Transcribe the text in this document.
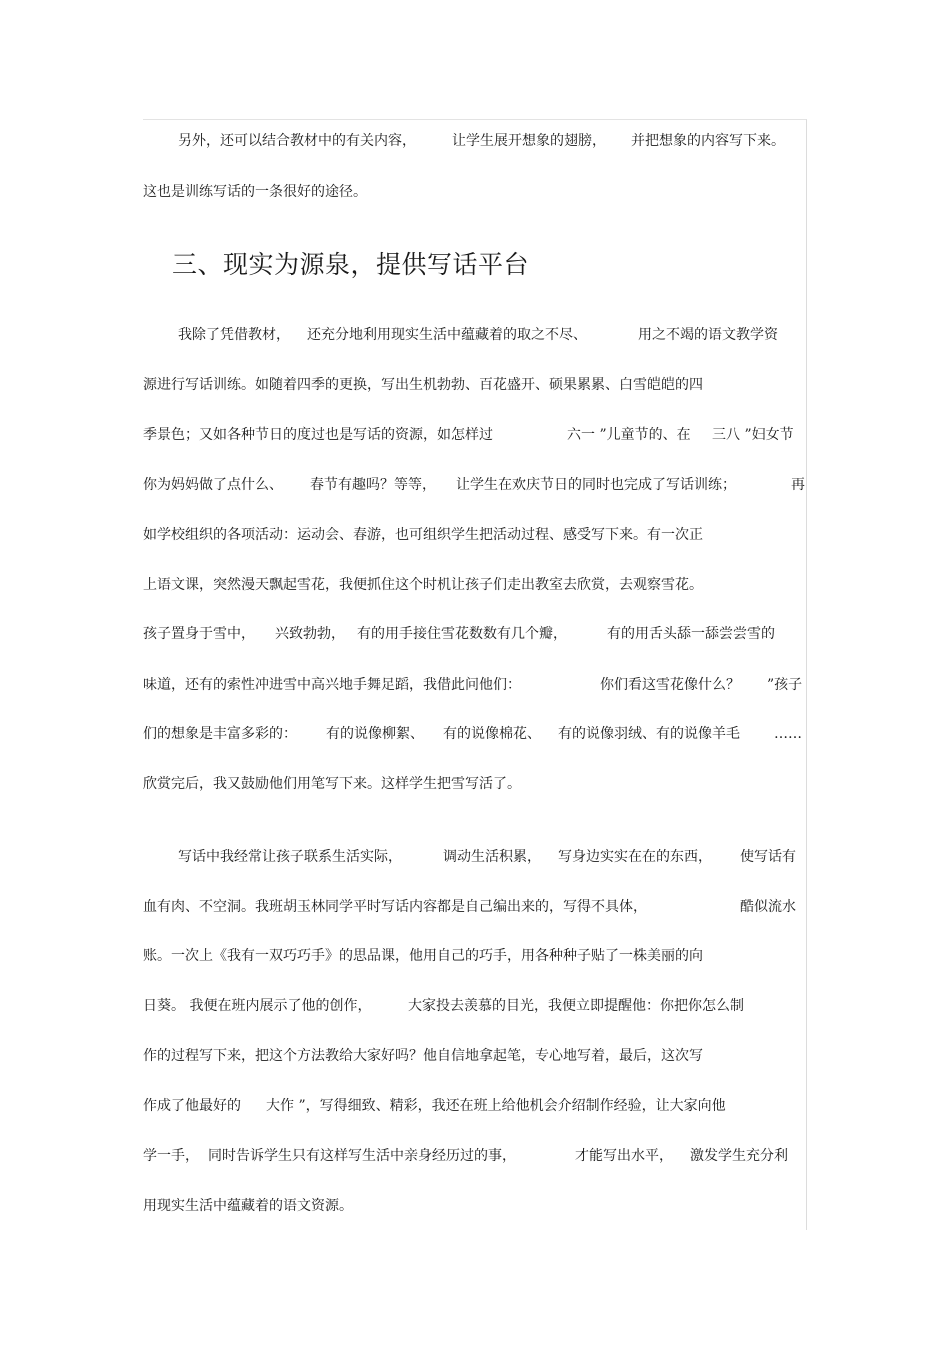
另外，还可以结合教材中的有关内容，	让学生展开想象的翅膀， 并把想象的内容写下来。
这也是训练写话的一条很好的途径。
三、现实为源泉，提供写话平台
我除了凭借教材， 还充分地利用现实生活中蕴藏着的取之不尽、	用之不竭的语文教学资
源进行写话训练。如随着四季的更换，写出生机勃勃、百花盛开、硕果累累、白雪皑皑的四
季景色；又如各种节日的度过也是写话的资源，如怎样过	六一 ”儿童节的、在 三八 ”妇女节
你为妈妈做了点什么、 春节有趣吗？等等， 让学生在欢庆节日的同时也完成了写话训练；	再
如学校组织的各项活动：运动会、春游，也可组织学生把活动过程、感受写下来。有一次正
上语文课，突然漫天飘起雪花，我便抓住这个时机让孩子们走出教室去欣赏，去观察雪花。
孩子置身于雪中， 兴致勃勃， 有的用手接住雪花数数有几个瓣，	有的用舌头舔一舔尝尝雪的
味道，还有的索性冲进雪中高兴地手舞足蹈，我借此问他们：	你们看这雪花像什么？ ”孩子
们的想象是丰富多彩的： 有的说像柳絮、 有的说像棉花、 有的说像羽绒、有的说像羊毛 ……
欣赏完后，我又鼓励他们用笔写下来。这样学生把雪写活了。
写话中我经常让孩子联系生活实际，	调动生活积累， 写身边实实在在的东西， 使写话有
血有肉、不空洞。我班胡玉林同学平时写话内容都是自己编出来的，写得不具体，	酷似流水
账。一次上《我有一双巧巧手》的思品课，他用自己的巧手，用各种种子贴了一株美丽的向
日葵。 我便在班内展示了他的创作，	大家投去羡慕的目光，我便立即提醒他：你把你怎么制
作的过程写下来，把这个方法教给大家好吗？他自信地拿起笔，专心地写着，最后，这次写
作成了他最好的 大作 ”，写得细致、精彩，我还在班上给他机会介绍制作经验，让大家向他
学一手， 同时告诉学生只有这样写生活中亲身经历过的事，	才能写出水平， 激发学生充分利
用现实生活中蕴藏着的语文资源。
